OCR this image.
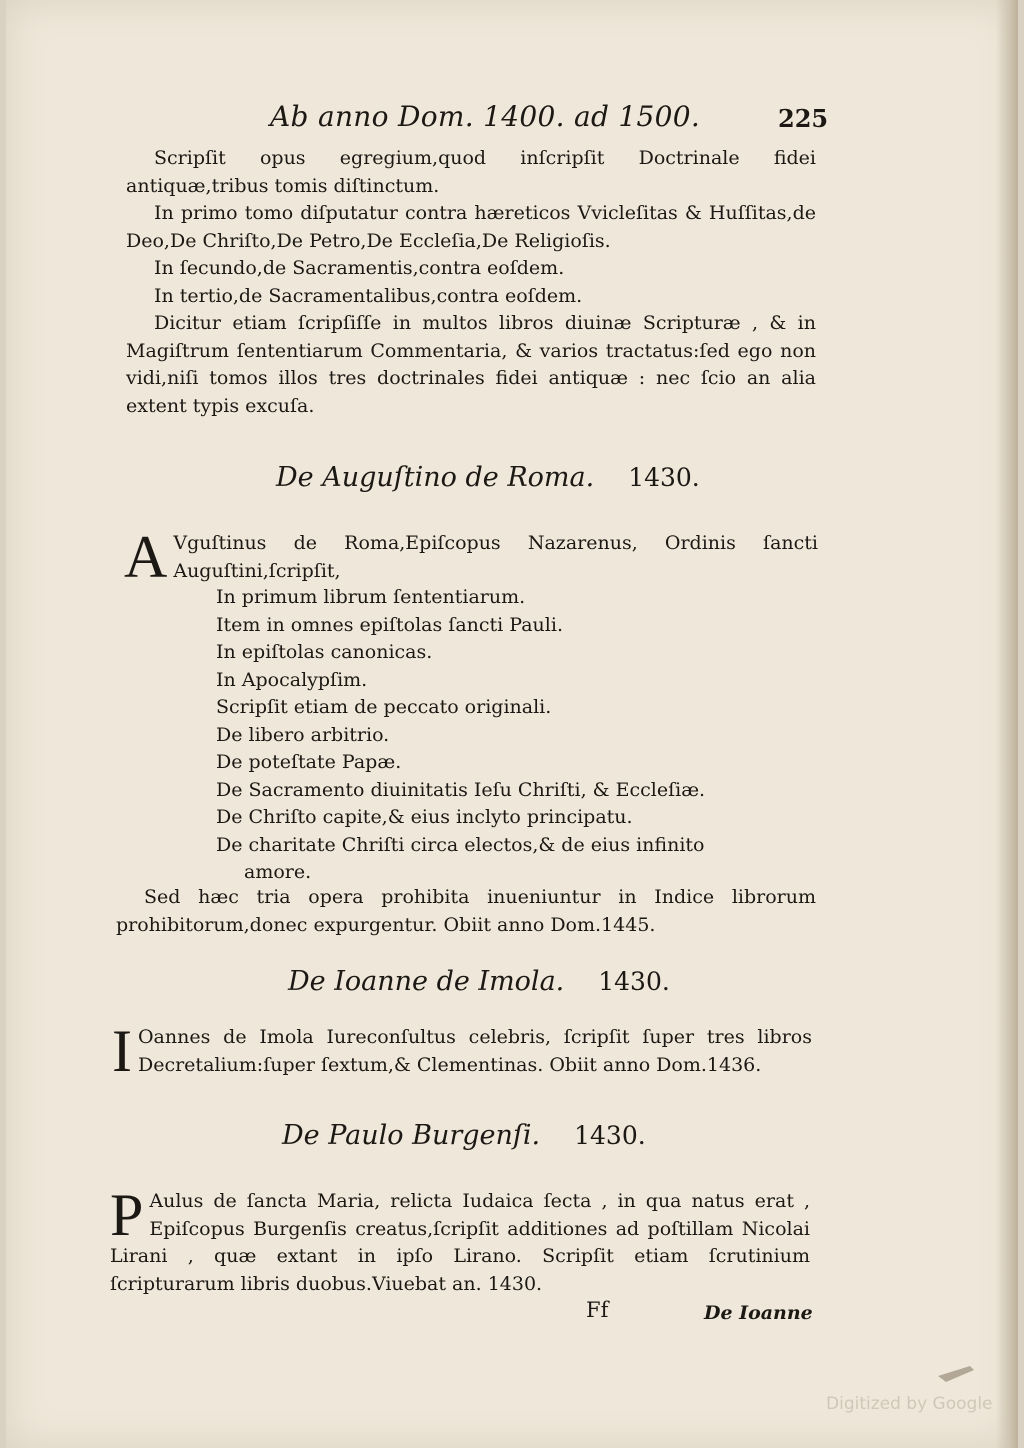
Ab anno Dom. 1400. ad 1500.	225

Scripſit opus egregium,quod inſcripſit Doctrinale fidei antiquæ,tribus tomis diſtinctum.

In primo tomo diſputatur contra hæreticos Vvicleſitas & Huſſitas,de Deo,De Chriſto,De Petro,De Eccleſia,De Religioſis.

In ſecundo,de Sacramentis,contra eoſdem.

In tertio,de Sacramentalibus,contra eoſdem.

Dicitur etiam ſcripſiſſe in multos libros diuinæ Scripturæ , & in Magiſtrum ſententiarum Commentaria, & varios tractatus:ſed ego non vidi,niſi tomos illos tres doctrinales fidei antiquæ : nec ſcio an alia extent typis excuſa.

De Auguſtino de Roma. 1430.
A Vguſtinus de Roma,Epiſcopus Nazarenus, Ordinis ſancti Auguſtini,ſcripſit,
In primum librum ſententiarum.
Item in omnes epiſtolas ſancti Pauli.
In epiſtolas canonicas.
In Apocalypſim.
Scripſit etiam de peccato originali.
De libero arbitrio.
De poteſtate Papæ.
De Sacramento diuinitatis Ieſu Chriſti, & Eccleſiæ.
De Chriſto capite,& eius inclyto principatu.
De charitate Chriſti circa electos,& de eius infinito
amore.

Sed hæc tria opera prohibita inueniuntur in Indice librorum prohibitorum,donec expurgentur. Obiit anno Dom.1445.

De Ioanne de Imola. 1430.
I Oannes de Imola Iureconſultus celebris, ſcripſit ſuper tres libros Decretalium:ſuper ſextum,& Clementinas. Obiit anno Dom.1436.
De Paulo Burgenſi. 1430.
P Aulus de ſancta Maria, relicta Iudaica ſecta , in qua natus erat , Epiſcopus Burgenſis creatus,ſcripſit additiones ad poſtillam Nicolai Lirani , quæ extant in ipſo Lirano. Scripſit etiam ſcrutinium ſcripturarum libris duobus.Viuebat an. 1430.
Ff	De Ioanne
Digitized by Google
